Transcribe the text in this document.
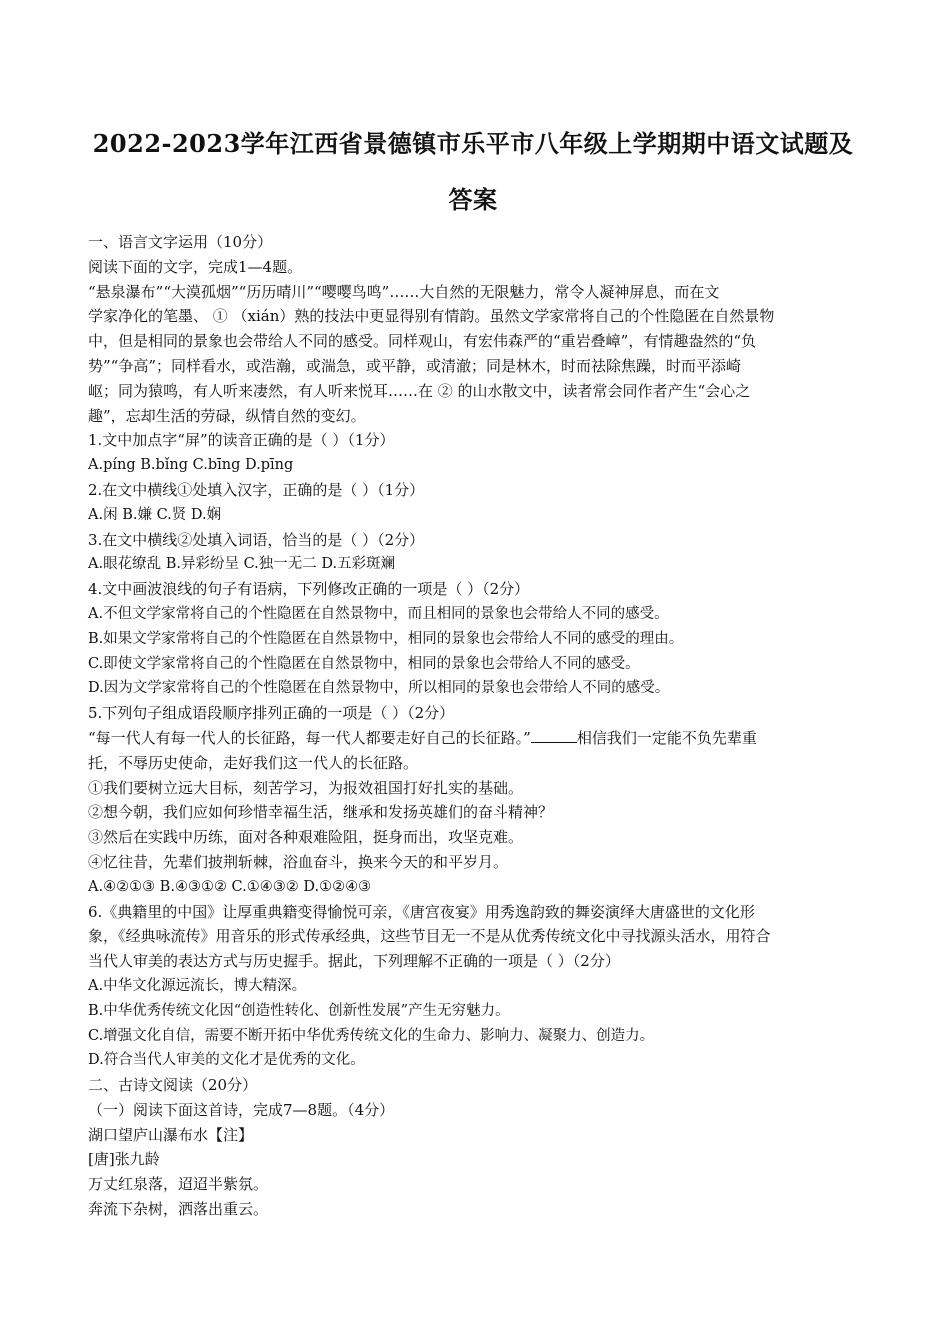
2022-2023学年江西省景德镇市乐平市八年级上学期期中语文试题及
答案

一、语言文字运用（10分）

阅读下面的文字，完成1—4题。

“悬泉瀑布”“大漠孤烟”“历历晴川”“嘤嘤鸟鸣”……大自然的无限魅力，常令人凝神屏息，而在文

学家净化的笔墨、 ① （xián）熟的技法中更显得别有情韵。虽然文学家常将自己的个性隐匿在自然景物

中，但是相同的景象也会带给人不同的感受。同样观山，有宏伟森严的“重岩叠嶂”，有情趣盎然的“负

势”“争高”；同样看水，或浩瀚，或湍急，或平静，或清澈；同是林木，时而祛除焦躁，时而平添崎

岖；同为猿鸣，有人听来凄然，有人听来悦耳……在 ② 的山水散文中，读者常会同作者产生“会心之

趣”，忘却生活的劳碌，纵情自然的变幻。

1.文中加点字“屏”的读音正确的是（ ）（1分）

A.píng B.bǐng C.bīng D.pīng

2.在文中横线①处填入汉字，正确的是（ ）（1分）

A.闲 B.嫌 C.贤 D.娴

3.在文中横线②处填入词语，恰当的是（ ）（2分）

A.眼花缭乱 B.异彩纷呈 C.独一无二 D.五彩斑斓

4.文中画波浪线的句子有语病，下列修改正确的一项是（ ）（2分）

A.不但文学家常将自己的个性隐匿在自然景物中，而且相同的景象也会带给人不同的感受。

B.如果文学家常将自己的个性隐匿在自然景物中，相同的景象也会带给人不同的感受的理由。

C.即使文学家常将自己的个性隐匿在自然景物中，相同的景象也会带给人不同的感受。

D.因为文学家常将自己的个性隐匿在自然景物中，所以相同的景象也会带给人不同的感受。

5.下列句子组成语段顺序排列正确的一项是（ ）（2分）

“每一代人有每一代人的长征路，每一代人都要走好自己的长征路。”	相信我们一定能不负先辈重

托，不辱历史使命，走好我们这一代人的长征路。

①我们要树立远大目标，刻苦学习，为报效祖国打好扎实的基础。

②想今朝，我们应如何珍惜幸福生活，继承和发扬英雄们的奋斗精神？

③然后在实践中历练，面对各种艰难险阻，挺身而出，攻坚克难。

④忆往昔，先辈们披荆斩棘，浴血奋斗，换来今天的和平岁月。

A.④②①③ B.④③①② C.①④③② D.①②④③

6.《典籍里的中国》让厚重典籍变得愉悦可亲，《唐宫夜宴》用秀逸韵致的舞姿演绎大唐盛世的文化形

象，《经典咏流传》用音乐的形式传承经典，这些节目无一不是从优秀传统文化中寻找源头活水，用符合

当代人审美的表达方式与历史握手。据此，下列理解不正确的一项是（ ）（2分）

A.中华文化源远流长，博大精深。

B.中华优秀传统文化因“创造性转化、创新性发展”产生无穷魅力。

C.增强文化自信，需要不断开拓中华优秀传统文化的生命力、影响力、凝聚力、创造力。

D.符合当代人审美的文化才是优秀的文化。

二、古诗文阅读（20分）

（一）阅读下面这首诗，完成7—8题。（4分）

湖口望庐山瀑布水【注】

[唐]张九龄

万丈红泉落，迢迢半紫氛。

奔流下杂树，洒落出重云。
